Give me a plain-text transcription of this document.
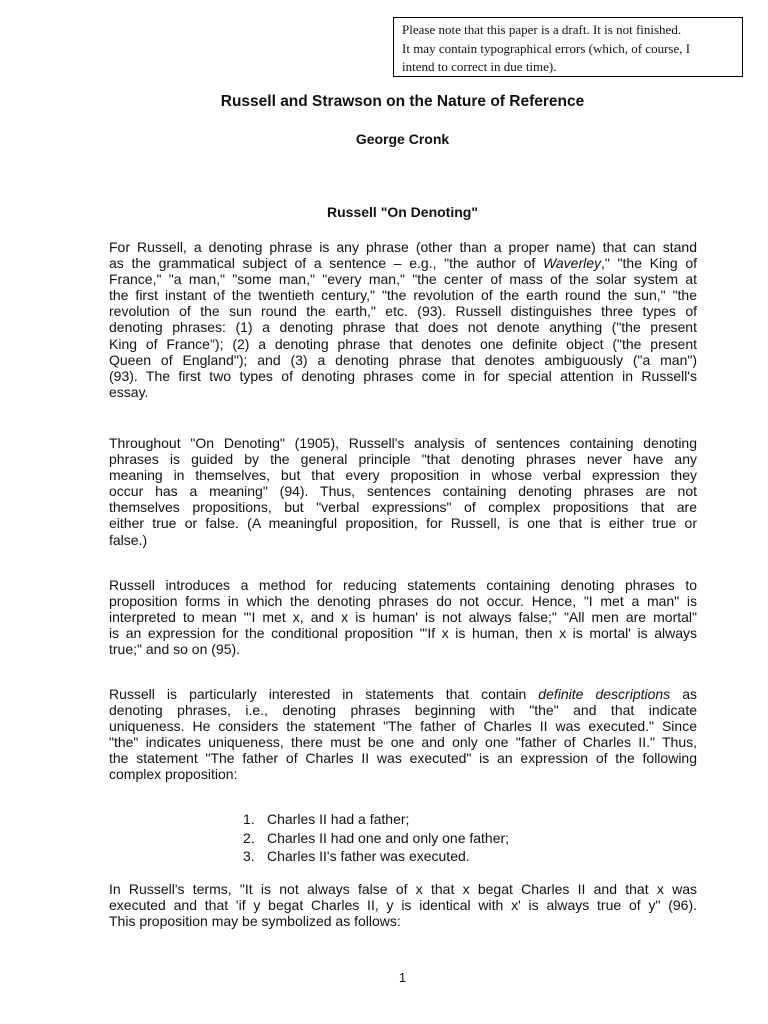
Please note that this paper is a draft. It is not finished.
It may contain typographical errors (which, of course, I
intend to correct in due time).
Russell and Strawson on the Nature of Reference
George Cronk
Russell "On Denoting"
For Russell, a denoting phrase is any phrase (other than a proper name) that can stand
as the grammatical subject of a sentence – e.g., "the author of Waverley," "the King of
France," "a man," "some man," "every man," "the center of mass of the solar system at
the first instant of the twentieth century," "the revolution of the earth round the sun," "the
revolution of the sun round the earth," etc. (93). Russell distinguishes three types of
denoting phrases: (1) a denoting phrase that does not denote anything ("the present
King of France"); (2) a denoting phrase that denotes one definite object ("the present
Queen of England"); and (3) a denoting phrase that denotes ambiguously ("a man")
(93). The first two types of denoting phrases come in for special attention in Russell's
essay.
Throughout "On Denoting" (1905), Russell's analysis of sentences containing denoting
phrases is guided by the general principle "that denoting phrases never have any
meaning in themselves, but that every proposition in whose verbal expression they
occur has a meaning" (94). Thus, sentences containing denoting phrases are not
themselves propositions, but "verbal expressions" of complex propositions that are
either true or false. (A meaningful proposition, for Russell, is one that is either true or
false.)
Russell introduces a method for reducing statements containing denoting phrases to
proposition forms in which the denoting phrases do not occur. Hence, "I met a man" is
interpreted to mean "'I met x, and x is human' is not always false;" "All men are mortal"
is an expression for the conditional proposition "'If x is human, then x is mortal' is always
true;" and so on (95).
Russell is particularly interested in statements that contain definite descriptions as
denoting phrases, i.e., denoting phrases beginning with "the" and that indicate
uniqueness. He considers the statement "The father of Charles II was executed." Since
"the" indicates uniqueness, there must be one and only one "father of Charles II." Thus,
the statement "The father of Charles II was executed" is an expression of the following
complex proposition:
1. Charles II had a father;
2. Charles II had one and only one father;
3. Charles II's father was executed.
In Russell's terms, "It is not always false of x that x begat Charles II and that x was
executed and that 'if y begat Charles II, y is identical with x' is always true of y" (96).
This proposition may be symbolized as follows:
1
